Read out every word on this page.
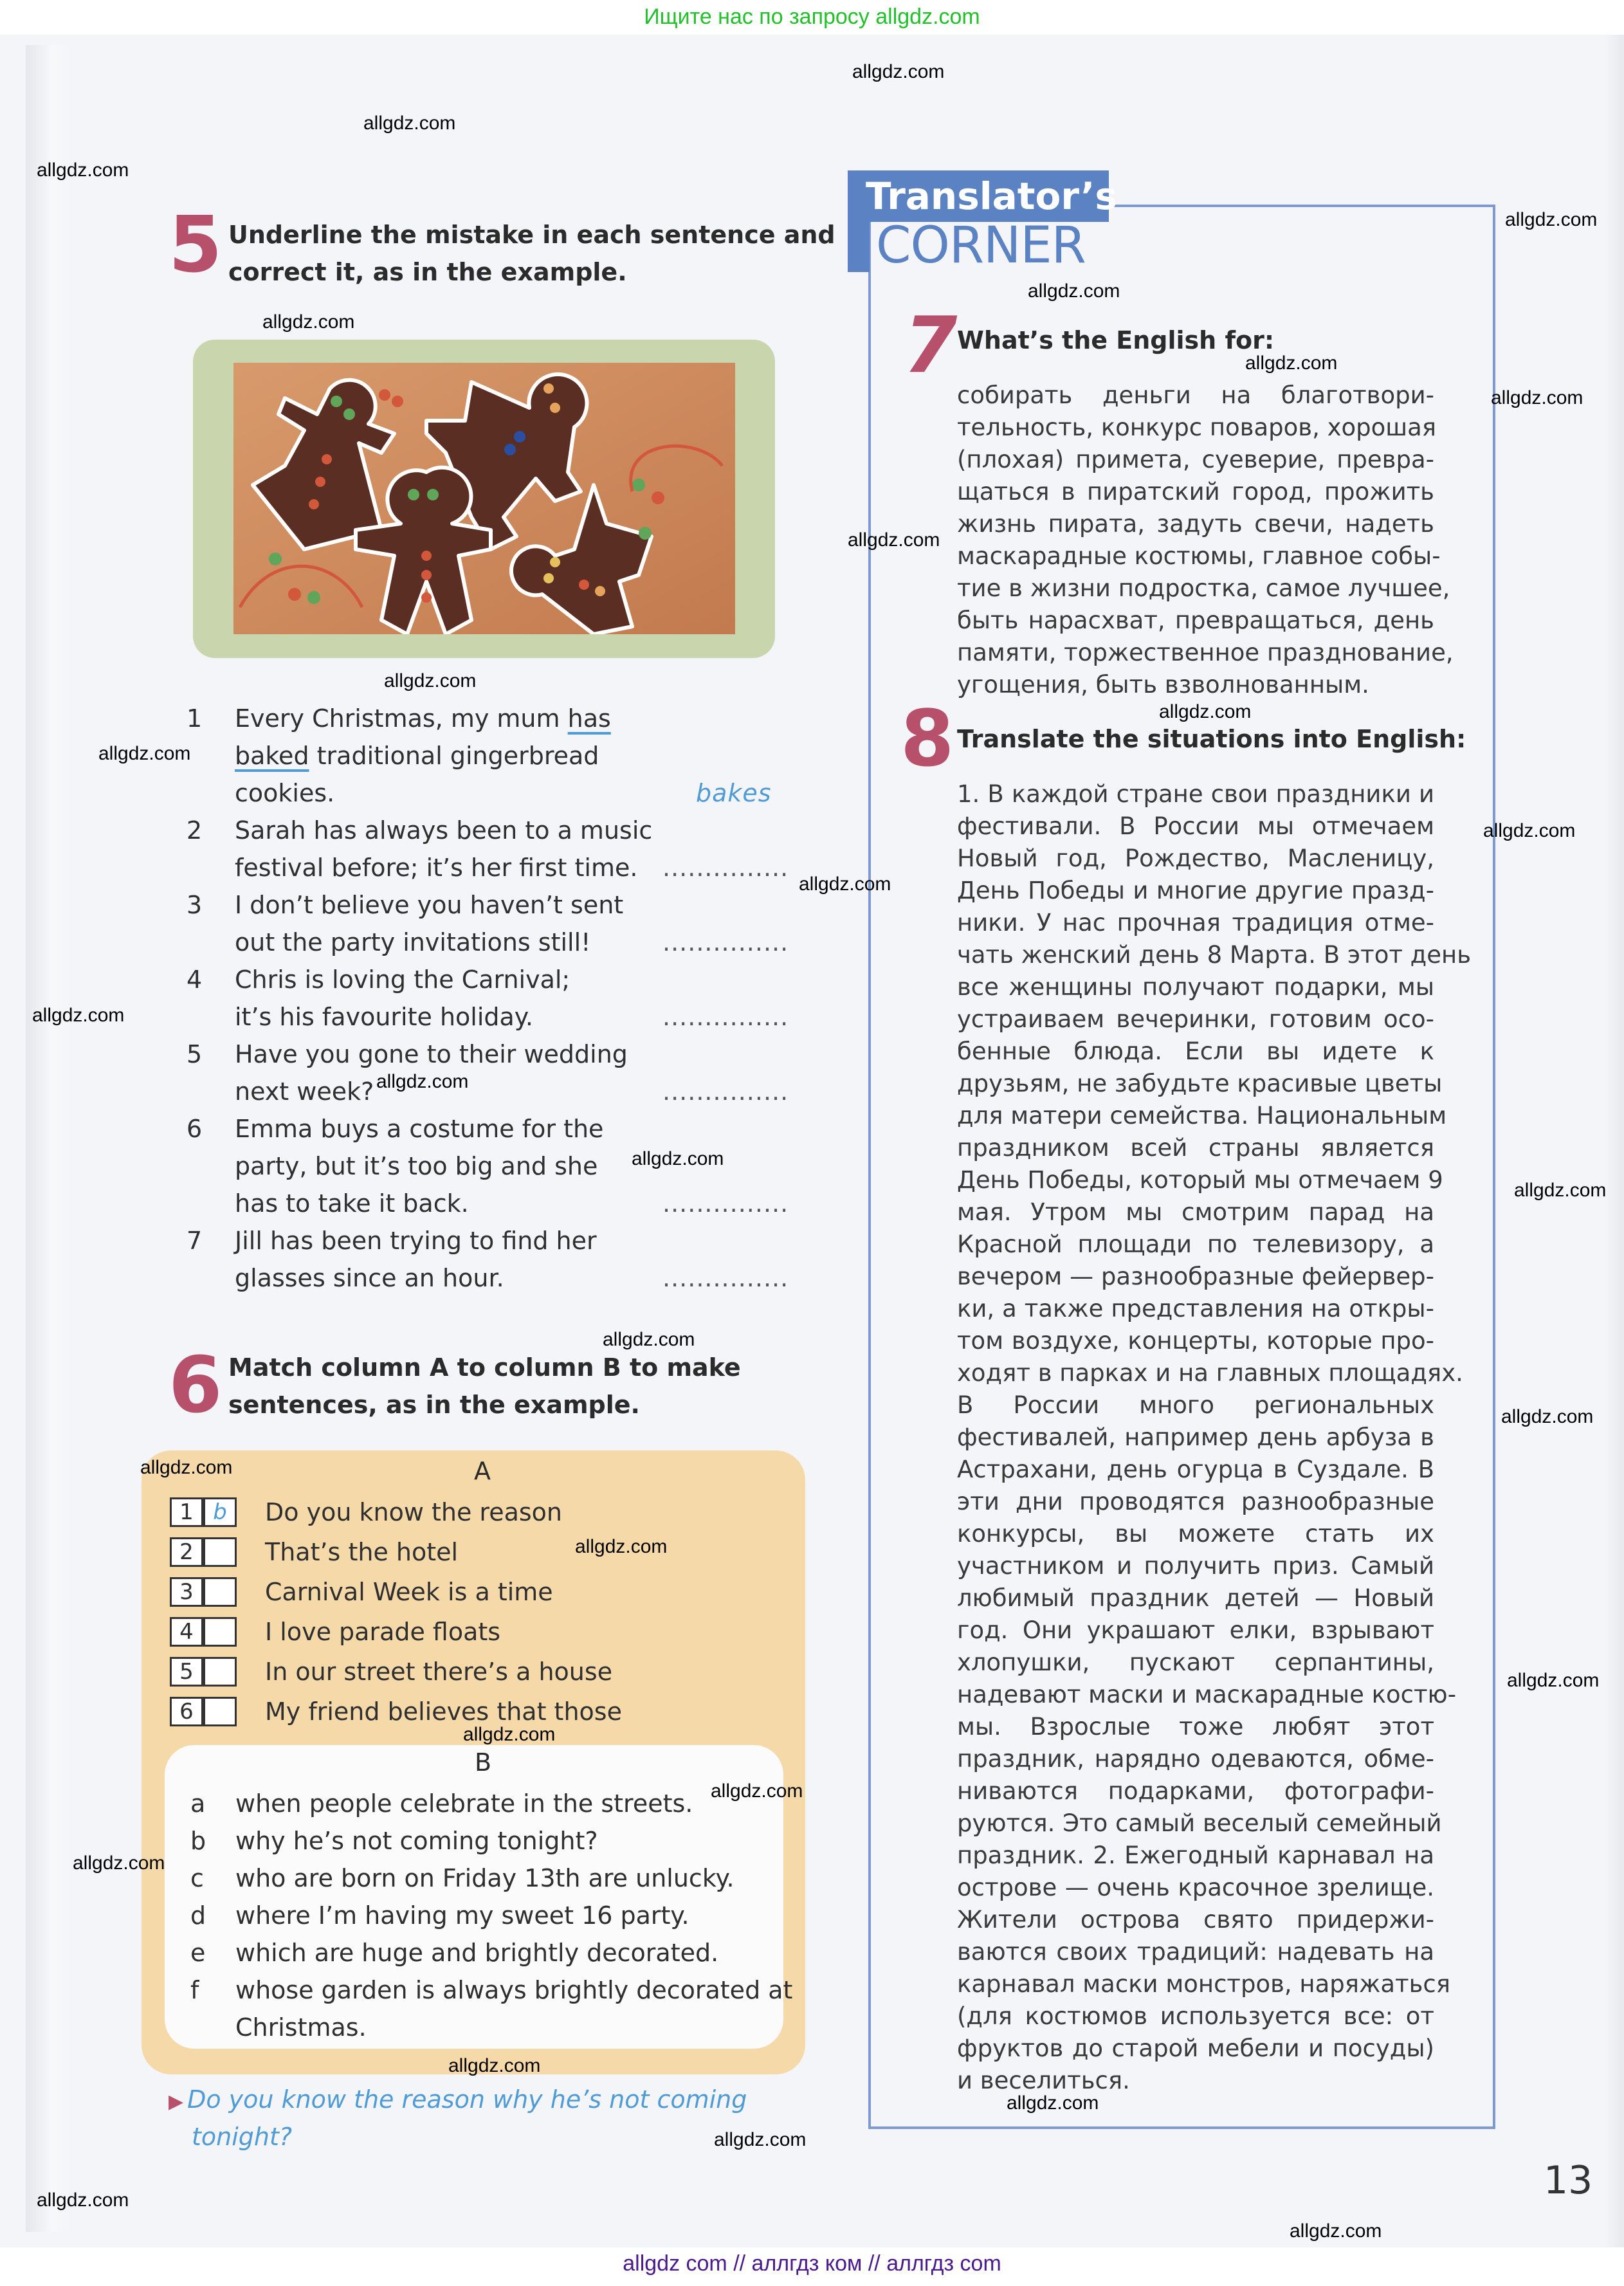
Ищите нас по запросу allgdz.com
5 Underline the mistake in each sentence and
correct it, as in the example.
1	Every Christmas, my mum has
baked traditional gingerbread
cookies.	bakes
2	Sarah has always been to a music
festival before; it’s her first time. ...............
3	I don’t believe you haven’t sent
out the party invitations still!	...............
4	Chris is loving the Carnival;
it’s his favourite holiday.	...............
5	Have you gone to their wedding
next week?	...............
6	Emma buys a costume for the
party, but it’s too big and she
has to take it back.	...............
7	Jill has been trying to find her
glasses since an hour.	...............
6 Match column A to column B to make
sentences, as in the example.
A
1 b	Do you know the reason
2	That’s the hotel
3	Carnival Week is a time
4	I love parade floats
5	In our street there’s a house
6	My friend believes that those
B
a when people celebrate in the streets.
b why he’s not coming tonight?
c who are born on Friday 13th are unlucky.
d where I’m having my sweet 16 party.
e which are huge and brightly decorated.
f whose garden is always brightly decorated at
Christmas.
▶ Do you know the reason why he’s not coming
tonight?
Translator’s
CORNER
7 What’s the English for:
собирать деньги на благотвори-
тельность, конкурс поваров, хорошая
(плохая) примета, суеверие, превра-
щаться в пиратский город, прожить
жизнь пирата, задуть свечи, надеть
маскарадные костюмы, главное собы-
тие в жизни подростка, самое лучшее,
быть нарасхват, превращаться, день
памяти, торжественное празднование,
угощения, быть взволнованным.
8 Translate the situations into English:
1. В каждой стране свои праздники и
фестивали. В России мы отмечаем
Новый год, Рождество, Масленицу,
День Победы и многие другие празд-
ники. У нас прочная традиция отме-
чать женский день 8 Марта. В этот день
все женщины получают подарки, мы
устраиваем вечеринки, готовим осо-
бенные блюда. Если вы идете к
друзьям, не забудьте красивые цветы
для матери семейства. Национальным
праздником всей страны является
День Победы, который мы отмечаем 9
мая. Утром мы смотрим парад на
Красной площади по телевизору, а
вечером — разнообразные фейервер-
ки, а также представления на откры-
том воздухе, концерты, которые про-
ходят в парках и на главных площадях.
В России много региональных
фестивалей, например день арбуза в
Астрахани, день огурца в Суздале. В
эти дни проводятся разнообразные
конкурсы, вы можете стать их
участником и получить приз. Самый
любимый праздник детей — Новый
год. Они украшают елки, взрывают
хлопушки, пускают серпантины,
надевают маски и маскарадные костю-
мы. Взрослые тоже любят этот
праздник, нарядно одеваются, обме-
ниваются подарками, фотографи-
руются. Это самый веселый семейный
праздник. 2. Ежегодный карнавал на
острове — очень красочное зрелище.
Жители острова свято придержи-
ваются своих традиций: надевать на
карнавал маски монстров, наряжаться
(для костюмов используется все: от
фруктов до старой мебели и посуды)
и веселиться.
13
allgdz.com
allgdz.com
allgdz.com
allgdz.com
allgdz.com
allgdz.com
allgdz.com
allgdz.com
allgdz.com
allgdz.com
allgdz.com
allgdz.com
allgdz.com
allgdz.com
allgdz.com
allgdz.com
allgdz.com
allgdz.com
allgdz.com
allgdz.com
allgdz.com
allgdz.com
allgdz.com
allgdz.com
allgdz.com
allgdz.com
allgdz.com
allgdz.com
allgdz.com
allgdz.com
allgdz.com
allgdz com // аллгдз ком // аллгдз com
